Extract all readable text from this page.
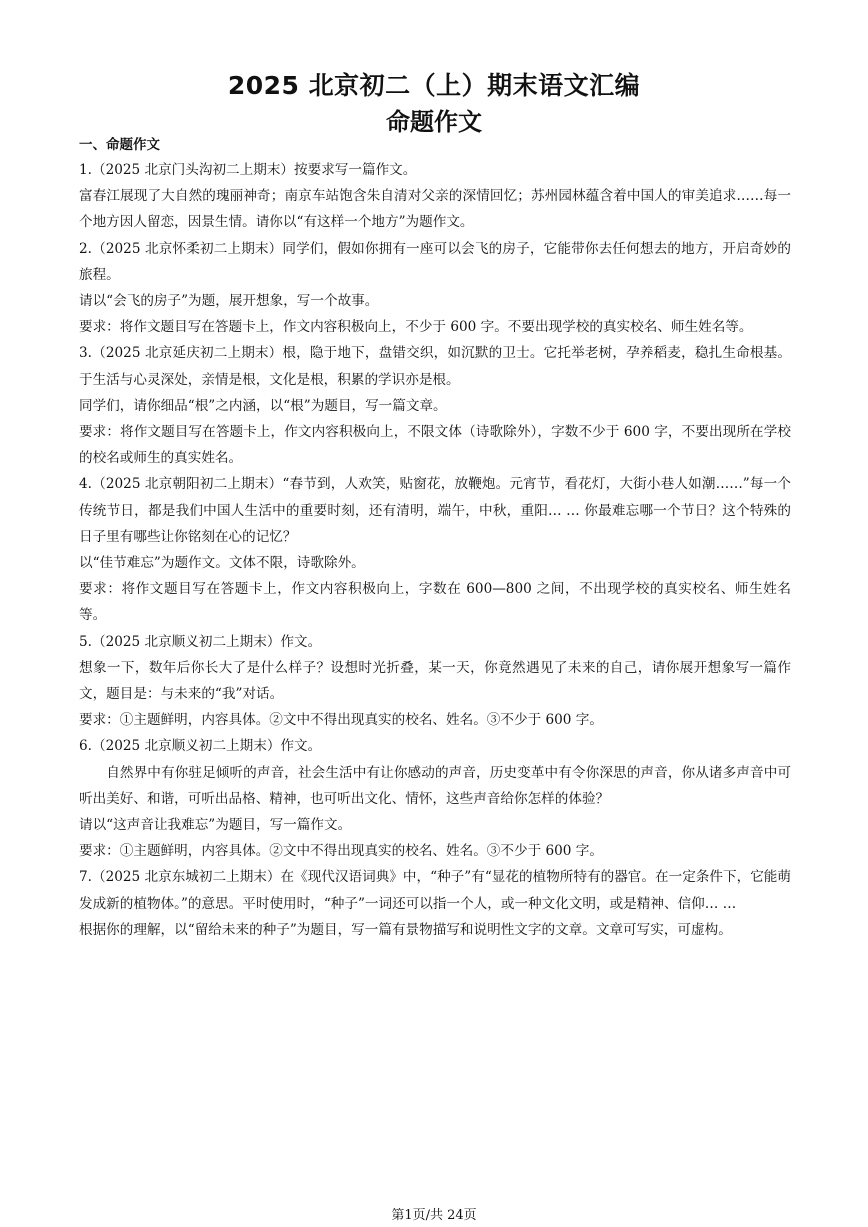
2025 北京初二（上）期末语文汇编
命题作文
一、命题作文

1.（2025 北京门头沟初二上期末）按要求写一篇作文。

富春江展现了大自然的瑰丽神奇；南京车站饱含朱自清对父亲的深情回忆；苏州园林蕴含着中国人的审美追求……每一个地方因人留恋，因景生情。请你以“有这样一个地方”为题作文。

2.（2025 北京怀柔初二上期末）同学们，假如你拥有一座可以会飞的房子，它能带你去任何想去的地方，开启奇妙的旅程。

请以“会飞的房子”为题，展开想象，写一个故事。

要求：将作文题目写在答题卡上，作文内容积极向上，不少于 600 字。不要出现学校的真实校名、师生姓名等。

3.（2025 北京延庆初二上期末）根，隐于地下，盘错交织，如沉默的卫士。它托举老树，孕养稻麦，稳扎生命根基。于生活与心灵深处，亲情是根，文化是根，积累的学识亦是根。

同学们，请你细品“根”之内涵，以“根”为题目，写一篇文章。

要求：将作文题目写在答题卡上，作文内容积极向上，不限文体（诗歌除外），字数不少于 600 字，不要出现所在学校的校名或师生的真实姓名。

4.（2025 北京朝阳初二上期末）“春节到，人欢笑，贴窗花，放鞭炮。元宵节，看花灯，大街小巷人如潮……”每一个传统节日，都是我们中国人生活中的重要时刻，还有清明，端午，中秋，重阳… … 你最难忘哪一个节日？这个特殊的日子里有哪些让你铭刻在心的记忆？

以“佳节难忘”为题作文。文体不限，诗歌除外。

要求：将作文题目写在答题卡上，作文内容积极向上，字数在 600—800 之间，不出现学校的真实校名、师生姓名等。

5.（2025 北京顺义初二上期末）作文。

想象一下，数年后你长大了是什么样子？设想时光折叠，某一天，你竟然遇见了未来的自己，请你展开想象写一篇作文，题目是：与未来的“我”对话。

要求：①主题鲜明，内容具体。②文中不得出现真实的校名、姓名。③不少于 600 字。

6.（2025 北京顺义初二上期末）作文。

自然界中有你驻足倾听的声音，社会生活中有让你感动的声音，历史变革中有令你深思的声音，你从诸多声音中可听出美好、和谐，可听出品格、精神，也可听出文化、情怀，这些声音给你怎样的体验？

请以“这声音让我难忘”为题目，写一篇作文。

要求：①主题鲜明，内容具体。②文中不得出现真实的校名、姓名。③不少于 600 字。

7.（2025 北京东城初二上期末）在《现代汉语词典》中，“种子”有“显花的植物所特有的器官。在一定条件下，它能萌发成新的植物体。”的意思。平时使用时，“种子”一词还可以指一个人，或一种文化文明，或是精神、信仰… …

根据你的理解，以“留给未来的种子”为题目，写一篇有景物描写和说明性文字的文章。文章可写实，可虚构。

第1页/共 24页
